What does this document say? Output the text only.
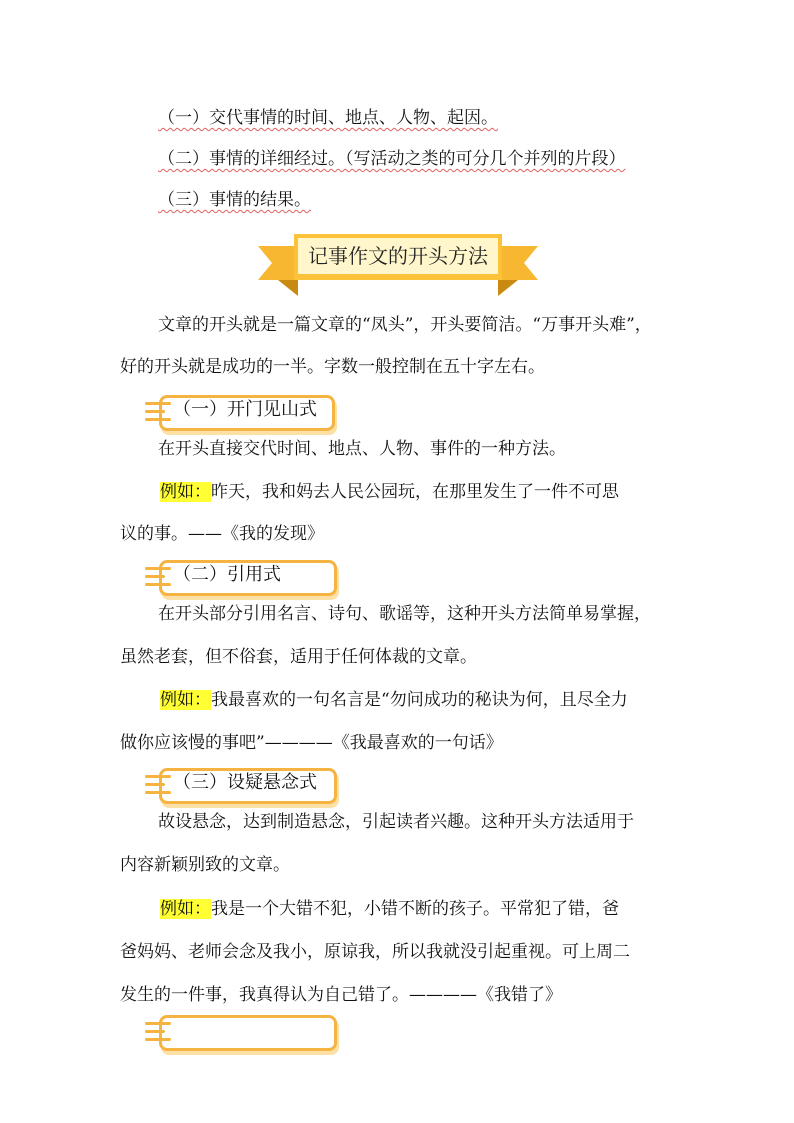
（一）交代事情的时间、地点、人物、起因。
（二）事情的详细经过。（写活动之类的可分几个并列的片段）
（三）事情的结果。
记事作文的开头方法
文章的开头就是一篇文章的“凤头”，开头要简洁。“万事开头难”，
好的开头就是成功的一半。字数一般控制在五十字左右。
（一）开门见山式
在开头直接交代时间、地点、人物、事件的一种方法。
例如：昨天，我和妈去人民公园玩，在那里发生了一件不可思
议的事。——《我的发现》
（二）引用式
在开头部分引用名言、诗句、歌谣等，这种开头方法简单易掌握，
虽然老套，但不俗套，适用于任何体裁的文章。
例如：我最喜欢的一句名言是“勿问成功的秘诀为何，且尽全力
做你应该慢的事吧”————《我最喜欢的一句话》
（三）设疑悬念式
故设悬念，达到制造悬念，引起读者兴趣。这种开头方法适用于
内容新颖别致的文章。
例如：我是一个大错不犯，小错不断的孩子。平常犯了错，爸
爸妈妈、老师会念及我小，原谅我，所以我就没引起重视。可上周二
发生的一件事，我真得认为自己错了。————《我错了》
